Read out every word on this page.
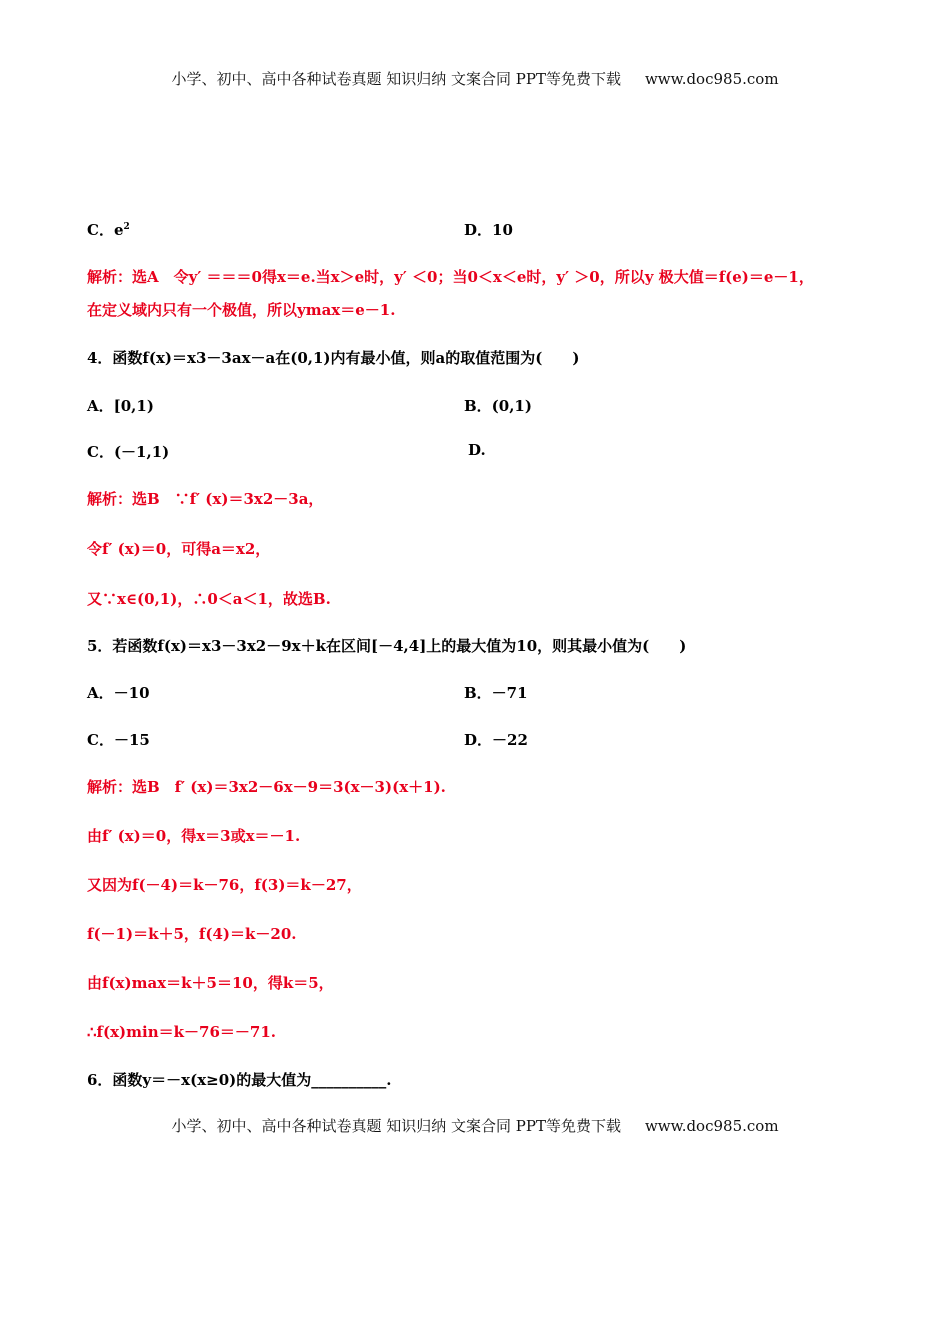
小学、初中、高中各种试卷真题 知识归纳 文案合同 PPT等免费下载 www.doc985.com
C．$e^2$	D．10
解析：选A　令y′ ＝＝＝0得x＝e.当x＞e时，y′ ＜0；当0＜x＜e时，y′ ＞0，所以y 极大值＝f(e)＝e－1，
在定义域内只有一个极值，所以ymax＝e－1.
4．函数f(x)＝x3－3ax－a在(0,1)内有最小值，则a的取值范围为(　　)
A．[0,1)	B．(0,1)
C．(－1,1)	D.
解析：选B　∵f′ (x)＝3x2－3a，
令f′ (x)＝0，可得a＝x2，
又∵x∈(0,1)，∴0＜a＜1，故选B.
5．若函数f(x)＝x3－3x2－9x＋k在区间[－4,4]上的最大值为10，则其最小值为(　　)
A．－10	B．－71
C．－15	D．－22
解析：选B　f′ (x)＝3x2－6x－9＝3(x－3)(x＋1).
由f′ (x)＝0，得x＝3或x＝－1.
又因为f(－4)＝k－76，f(3)＝k－27，
f(－1)＝k＋5，f(4)＝k－20.
由f(x)max＝k＋5＝10，得k＝5，
∴f(x)min＝k－76＝－71.
6．函数y＝－x(x≥0)的最大值为__________.
小学、初中、高中各种试卷真题 知识归纳 文案合同 PPT等免费下载 www.doc985.com
